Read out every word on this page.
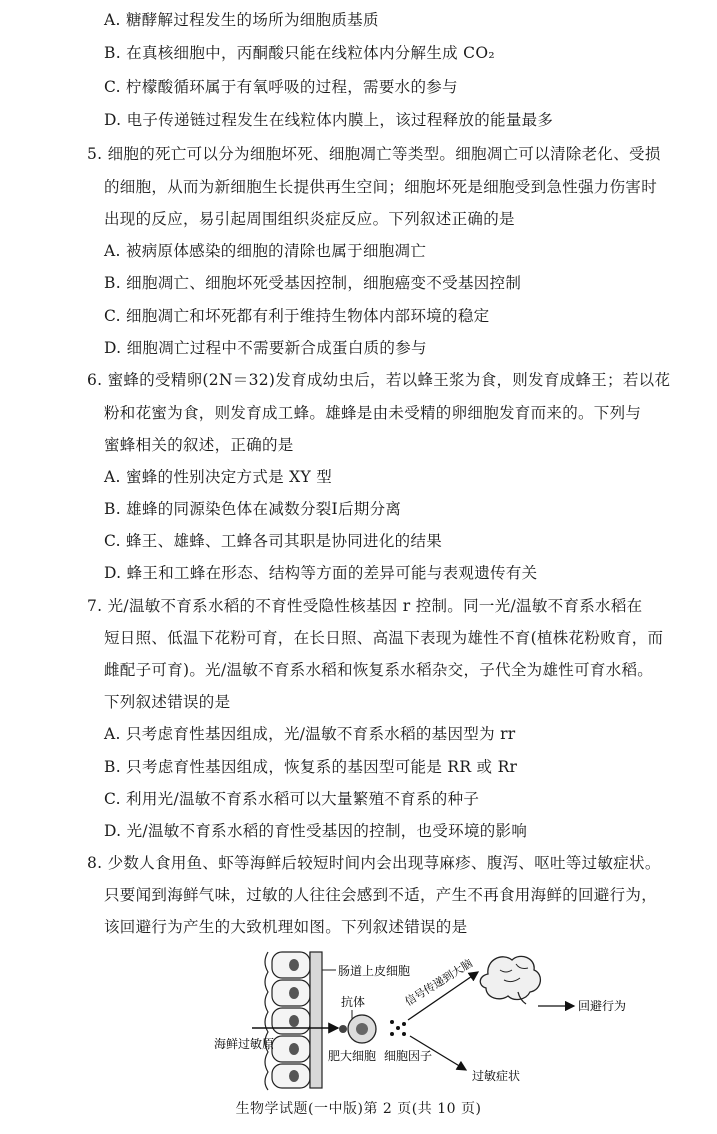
A. 糖酵解过程发生的场所为细胞质基质
B. 在真核细胞中，丙酮酸只能在线粒体内分解生成 CO₂
C. 柠檬酸循环属于有氧呼吸的过程，需要水的参与
D. 电子传递链过程发生在线粒体内膜上，该过程释放的能量最多
5. 细胞的死亡可以分为细胞坏死、细胞凋亡等类型。细胞凋亡可以清除老化、受损
的细胞，从而为新细胞生长提供再生空间；细胞坏死是细胞受到急性强力伤害时
出现的反应，易引起周围组织炎症反应。下列叙述正确的是
A. 被病原体感染的细胞的清除也属于细胞凋亡
B. 细胞凋亡、细胞坏死受基因控制，细胞癌变不受基因控制
C. 细胞凋亡和坏死都有利于维持生物体内部环境的稳定
D. 细胞凋亡过程中不需要新合成蛋白质的参与
6. 蜜蜂的受精卵(2N＝32)发育成幼虫后，若以蜂王浆为食，则发育成蜂王；若以花
粉和花蜜为食，则发育成工蜂。雄蜂是由未受精的卵细胞发育而来的。下列与
蜜蜂相关的叙述，正确的是
A. 蜜蜂的性别决定方式是 XY 型
B. 雄蜂的同源染色体在减数分裂Ⅰ后期分离
C. 蜂王、雄蜂、工蜂各司其职是协同进化的结果
D. 蜂王和工蜂在形态、结构等方面的差异可能与表观遗传有关
7. 光/温敏不育系水稻的不育性受隐性核基因 r 控制。同一光/温敏不育系水稻在
短日照、低温下花粉可育，在长日照、高温下表现为雄性不育(植株花粉败育，而
雌配子可育)。光/温敏不育系水稻和恢复系水稻杂交，子代全为雄性可育水稻。
下列叙述错误的是
A. 只考虑育性基因组成，光/温敏不育系水稻的基因型为 rr
B. 只考虑育性基因组成，恢复系的基因型可能是 RR 或 Rr
C. 利用光/温敏不育系水稻可以大量繁殖不育系的种子
D. 光/温敏不育系水稻的育性受基因的控制，也受环境的影响
8. 少数人食用鱼、虾等海鲜后较短时间内会出现荨麻疹、腹泻、呕吐等过敏症状。
只要闻到海鲜气味，过敏的人往往会感到不适，产生不再食用海鲜的回避行为，
该回避行为产生的大致机理如图。下列叙述错误的是
肠道上皮细胞
海鲜过敏原
抗体
肥大细胞 细胞因子
信号传递到大脑
过敏症状
回避行为
生物学试题(一中版)第 2 页(共 10 页)
